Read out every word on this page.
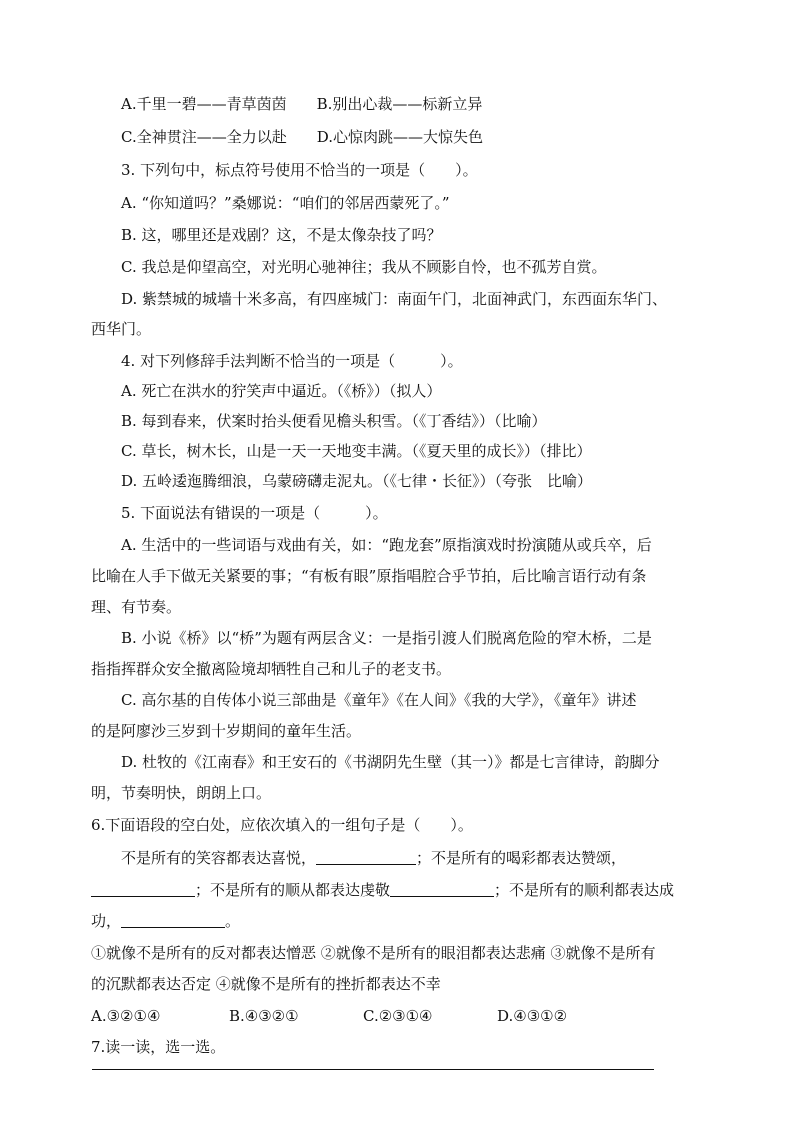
A.千里一碧——青草茵茵 B.别出心裁——标新立异
C.全神贯注——全力以赴 D.心惊肉跳——大惊失色
3. 下列句中，标点符号使用不恰当的一项是（　　）。
A. “你知道吗？”桑娜说：“咱们的邻居西蒙死了。”
B. 这，哪里还是戏剧？这，不是太像杂技了吗？
C. 我总是仰望高空，对光明心驰神往；我从不顾影自怜，也不孤芳自赏。
D. 紫禁城的城墙十米多高，有四座城门：南面午门，北面神武门，东西面东华门、
西华门。
4. 对下列修辞手法判断不恰当的一项是（　　　）。
A. 死亡在洪水的狞笑声中逼近。（《桥》）（拟人）
B. 每到春来，伏案时抬头便看见檐头积雪。（《丁香结》）（比喻）
C. 草长，树木长，山是一天一天地变丰满。（《夏天里的成长》）（排比）
D. 五岭逶迤腾细浪，乌蒙磅礴走泥丸。（《七律・长征》）（夸张　比喻）
5. 下面说法有错误的一项是（　　　）。
A. 生活中的一些词语与戏曲有关，如：“跑龙套”原指演戏时扮演随从或兵卒，后
比喻在人手下做无关紧要的事；“有板有眼”原指唱腔合乎节拍，后比喻言语行动有条
理、有节奏。
B. 小说《桥》以“桥”为题有两层含义：一是指引渡人们脱离危险的窄木桥，二是
指指挥群众安全撤离险境却牺牲自己和儿子的老支书。
C. 高尔基的自传体小说三部曲是《童年》《在人间》《我的大学》，《童年》讲述
的是阿廖沙三岁到十岁期间的童年生活。
D. 杜牧的《江南春》和王安石的《书湖阴先生壁（其一）》都是七言律诗，韵脚分
明，节奏明快，朗朗上口。
6.下面语段的空白处，应依次填入的一组句子是（　　）。
不是所有的笑容都表达喜悦，	；不是所有的喝彩都表达赞颂，
；不是所有的顺从都表达虔敬	；不是所有的顺利都表达成
功，	。
①就像不是所有的反对都表达憎恶 ②就像不是所有的眼泪都表达悲痛 ③就像不是所有
的沉默都表达否定 ④就像不是所有的挫折都表达不幸
A.③②①④	B.④③②①	C.②③①④	D.④③①②
7.读一读，选一选。
